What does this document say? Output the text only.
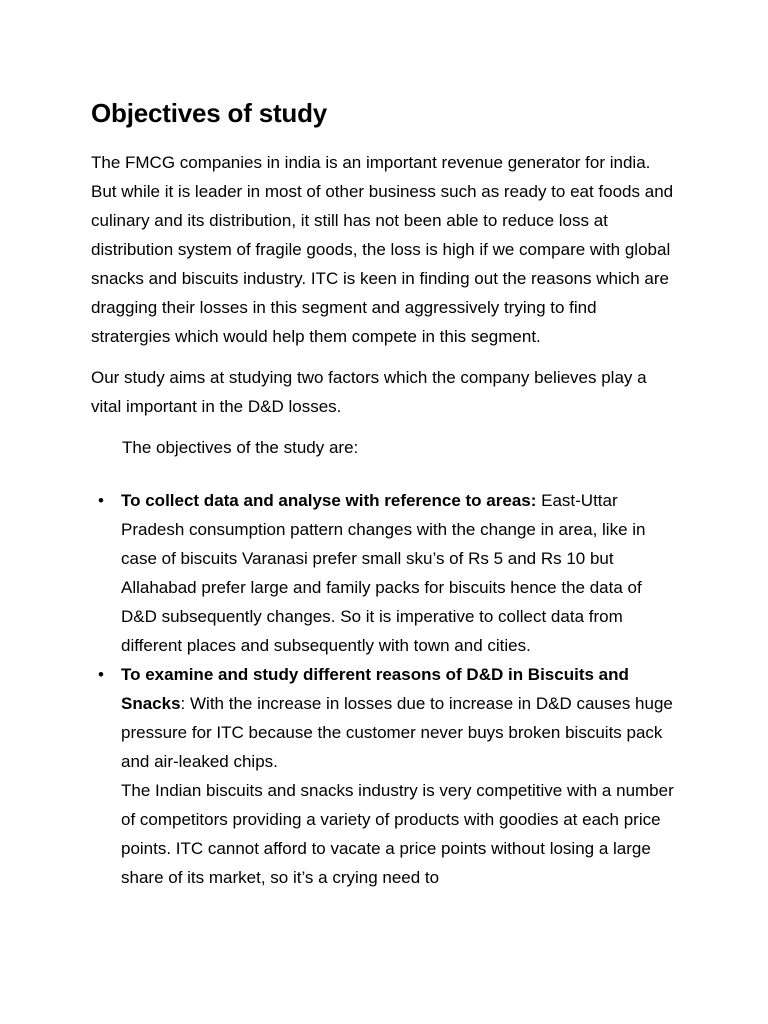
Objectives of study

The FMCG companies in india is an important revenue generator for india. But while it is leader in most of other business such as ready to eat foods and culinary and its distribution, it still has not been able to reduce loss at distribution system of fragile goods, the loss is high if we compare with global snacks and biscuits industry. ITC is keen in finding out the reasons which are dragging their losses in this segment and aggressively trying to find stratergies which would help them compete in this segment.

Our study aims at studying two factors which the company believes play a vital important in the D&D losses.

The objectives of the study are:

• To collect data and analyse with reference to areas: East-Uttar Pradesh consumption pattern changes with the change in area, like in case of biscuits Varanasi prefer small sku’s of Rs 5 and Rs 10 but Allahabad prefer large and family packs for biscuits hence the data of D&D subsequently changes. So it is imperative to collect data from different places and subsequently with town and cities.
• To examine and study different reasons of D&D in Biscuits and Snacks: With the increase in losses due to increase in D&D causes huge pressure for ITC because the customer never buys broken biscuits pack and air-leaked chips.
The Indian biscuits and snacks industry is very competitive with a number of competitors providing a variety of products with goodies at each price points. ITC cannot afford to vacate a price points without losing a large share of its market, so it’s a crying need to
